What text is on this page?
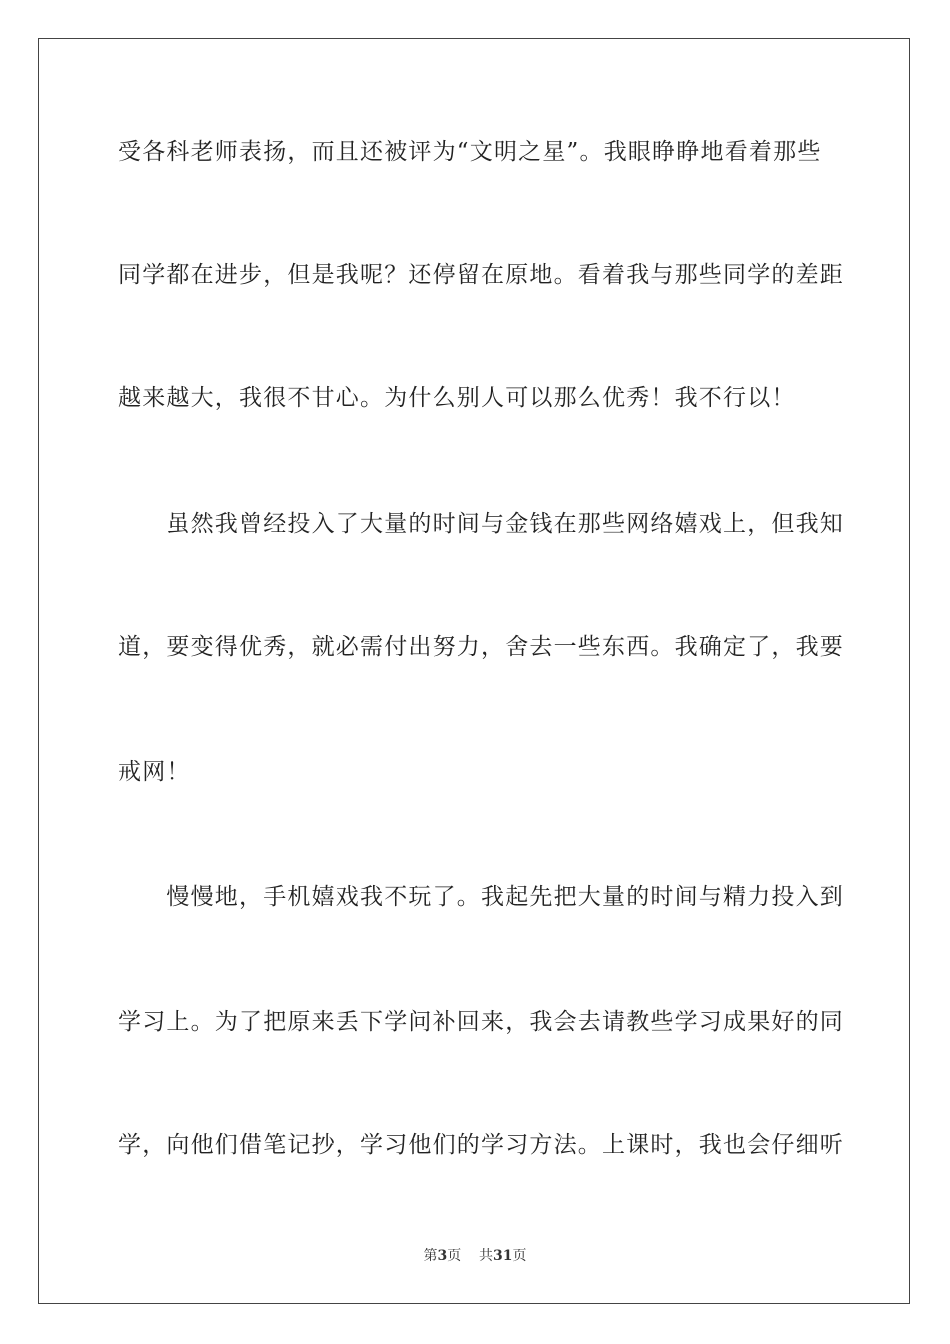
受各科老师表扬，而且还被评为“文明之星”。我眼睁睁地看着那些
同学都在进步，但是我呢？还停留在原地。看着我与那些同学的差距
越来越大，我很不甘心。为什么别人可以那么优秀！我不行以！
　　虽然我曾经投入了大量的时间与金钱在那些网络嬉戏上，但我知
道，要变得优秀，就必需付出努力，舍去一些东西。我确定了，我要
戒网！
　　慢慢地，手机嬉戏我不玩了。我起先把大量的时间与精力投入到
学习上。为了把原来丢下学问补回来，我会去请教些学习成果好的同
学，向他们借笔记抄，学习他们的学习方法。上课时，我也会仔细听
第3页 共31页
